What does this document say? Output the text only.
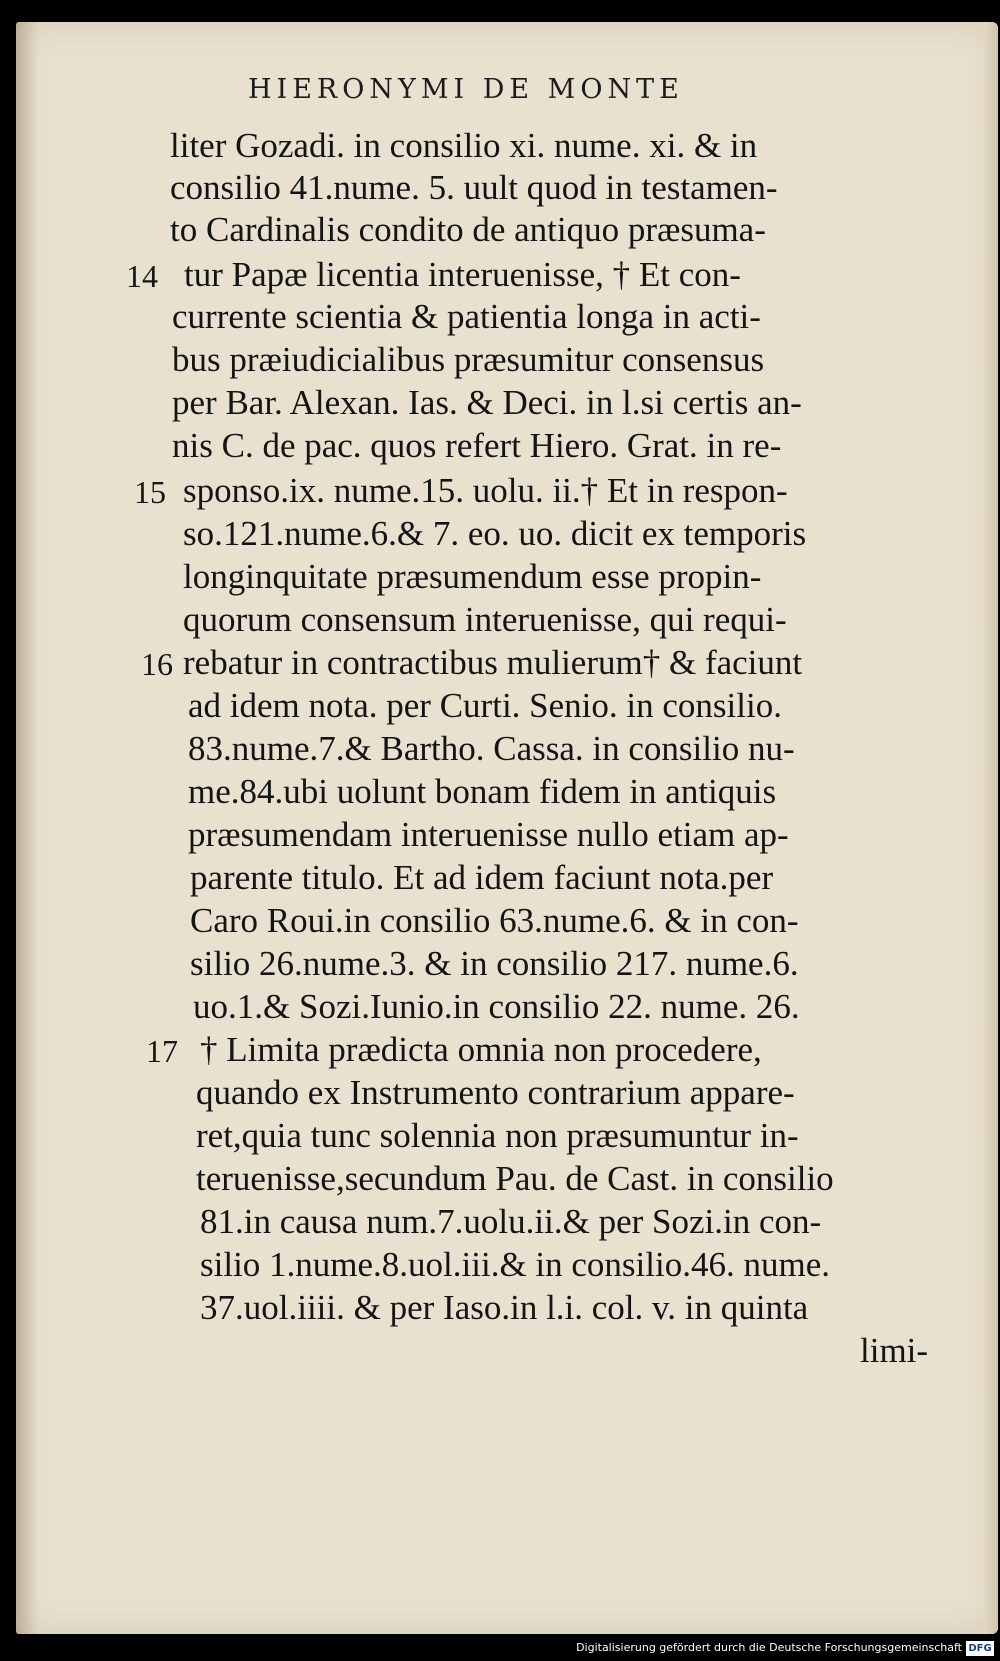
HIERONYMI DE MONTE

liter Gozadi. in consilio xi. nume. xi. & in

consilio 41.nume. 5. uult quod in testamen-

to Cardinalis condito de antiquo præsuma-

tur Papæ licentia interuenisse, † Et con-

currente scientia & patientia longa in acti-

bus præiudicialibus præsumitur consensus

per Bar. Alexan. Ias. & Deci. in l.si certis an-

nis C. de pac. quos refert Hiero. Grat. in re-

sponso.ix. nume.15. uolu. ii.† Et in respon-

so.121.nume.6.& 7. eo. uo. dicit ex temporis

longinquitate præsumendum esse propin-

quorum consensum interuenisse, qui requi-

rebatur in contractibus mulierum† & faciunt

ad idem nota. per Curti. Senio. in consilio.

83.nume.7.& Bartho. Cassa. in consilio nu-

me.84.ubi uolunt bonam fidem in antiquis

præsumendam interuenisse nullo etiam ap-

parente titulo. Et ad idem faciunt nota.per

Caro Roui.in consilio 63.nume.6. & in con-

silio 26.nume.3. & in consilio 217. nume.6.

uo.1.& Sozi.Iunio.in consilio 22. nume. 26.

† Limita prædicta omnia non procedere,

quando ex Instrumento contrarium appare-

ret,quia tunc solennia non præsumuntur in-

teruenisse,secundum Pau. de Cast. in consilio

81.in causa num.7.uolu.ii.& per Sozi.in con-

silio 1.nume.8.uol.iii.& in consilio.46. nume.

37.uol.iiii. & per Iaso.in l.i. col. v. in quinta

limi-

14
15
16
17
Digitalisierung gefördert durch die Deutsche Forschungsgemeinschaft DFG
